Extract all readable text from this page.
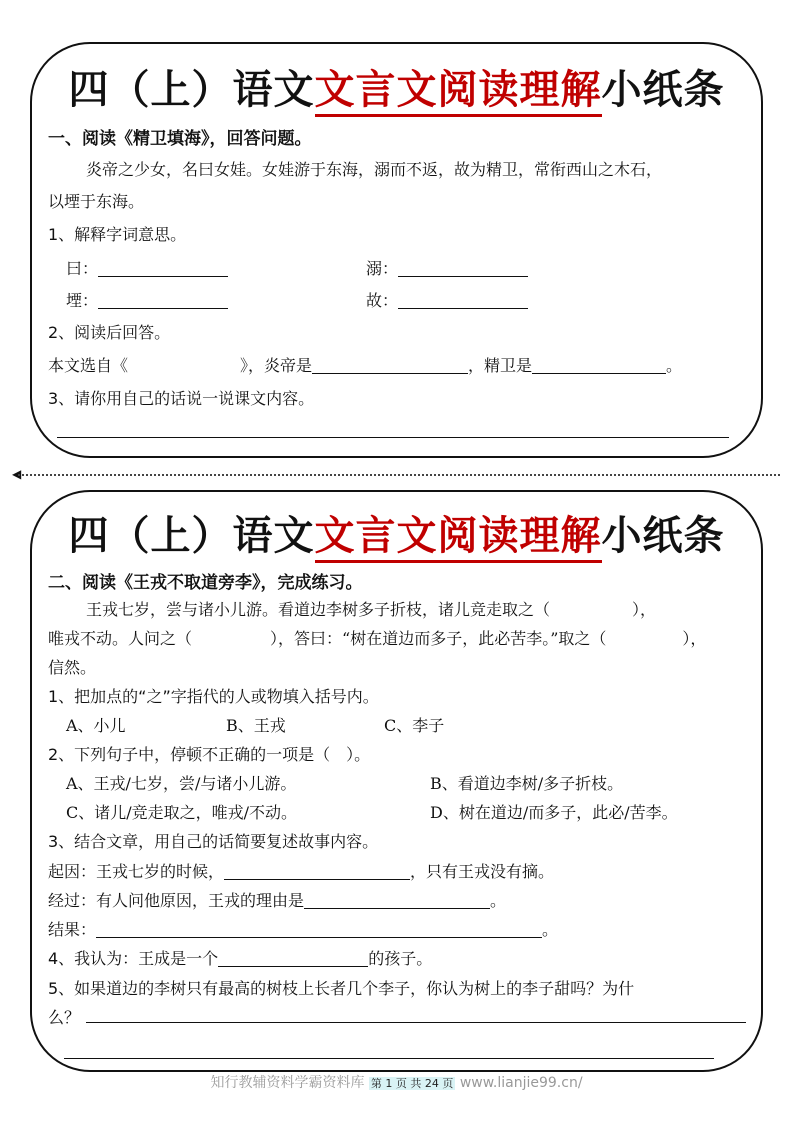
四（上）语文文言文阅读理解小纸条
一、阅读《精卫填海》，回答问题。
炎帝之少女，名曰女娃。女娃游于东海，溺而不返，故为精卫，常衔西山之木石，
以堙于东海。
1、解释字词意思。
曰：	溺：
堙：	故：
2、阅读后回答。
本文选自《	》，炎帝是	，精卫是	。
3、请你用自己的话说一说课文内容。
◀
四（上）语文文言文阅读理解小纸条
二、阅读《王戎不取道旁李》，完成练习。
王戎七岁，尝与诸小儿游。看道边李树多子折枝，诸儿竞走取之（	），
唯戎不动。人问之（	），答曰：“树在道边而多子，此必苦李。”取之（	），
信然。
1、把加点的“之”字指代的人或物填入括号内。
A、小儿	B、王戎	C、李子
2、下列句子中，停顿不正确的一项是（　）。
A、王戎/七岁，尝/与诸小儿游。	B、看道边李树/多子折枝。
C、诸儿/竞走取之，唯戎/不动。	D、树在道边/而多子，此必/苦李。
3、结合文章，用自己的话简要复述故事内容。
起因：王戎七岁的时候，	，只有王戎没有摘。
经过：有人问他原因，王戎的理由是	。
结果：	。
4、我认为：王成是一个	的孩子。
5、如果道边的李树只有最高的树枝上长者几个李子，你认为树上的李子甜吗？为什
么？
知行教辅资料学霸资料库 第 1 页 共 24 页 www.lianjie99.cn/
